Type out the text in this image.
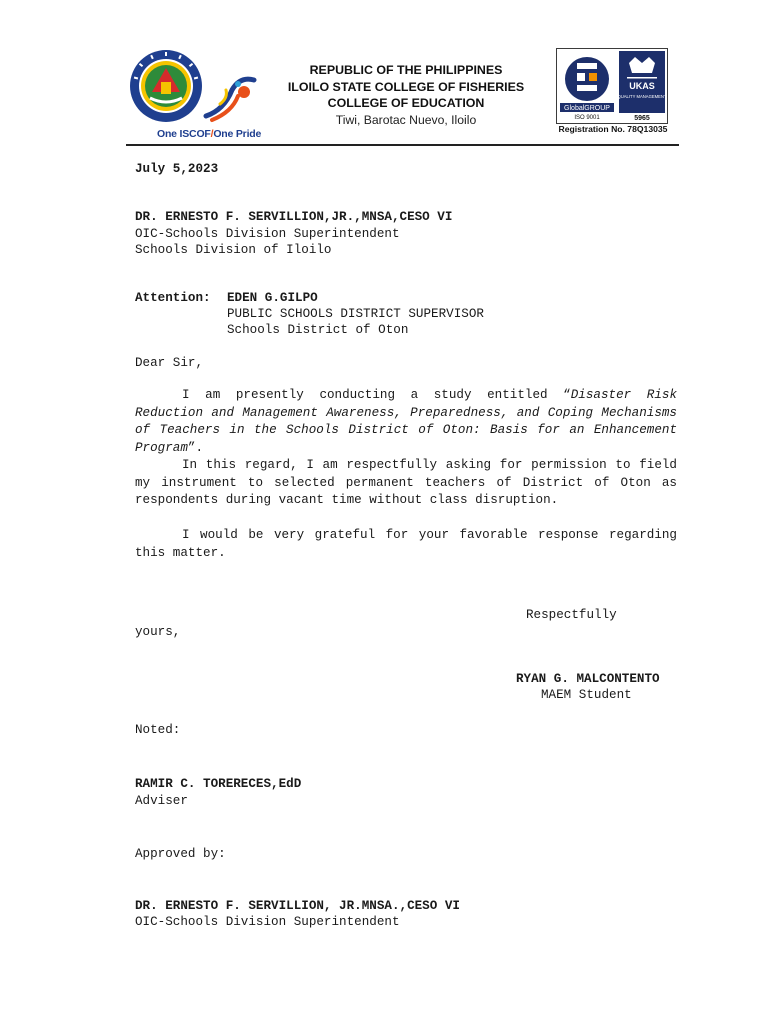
One ISCOF/One Pride
REPUBLIC OF THE PHILIPPINES
ILOILO STATE COLLEGE OF FISHERIES
COLLEGE OF EDUCATION
Tiwi, Barotac Nuevo, Iloilo
GlobalGROUP
ISO 9001
UKAS
QUALITY MANAGEMENT
5965
Registration No. 78Q13035
July 5,2023
DR. ERNESTO F. SERVILLION,JR.,MNSA,CESO VI
OIC-Schools Division Superintendent
Schools Division of Iloilo
Attention: EDEN G.GILPO
PUBLIC SCHOOLS DISTRICT SUPERVISOR
Schools District of Oton
Dear Sir,
I am presently conducting a study entitled “Disaster Risk Reduction and Management Awareness, Preparedness, and Coping Mechanisms of Teachers in the Schools District of Oton: Basis for an Enhancement Program”.
In this regard, I am respectfully asking for permission to field my instrument to selected permanent teachers of District of Oton as respondents during vacant time without class disruption.
I would be very grateful for your favorable response regarding this matter.
Respectfully
yours,
RYAN G. MALCONTENTO
MAEM Student
Noted:
RAMIR C. TORERECES,EdD
Adviser
Approved by:
DR. ERNESTO F. SERVILLION, JR.MNSA.,CESO VI
OIC-Schools Division Superintendent
